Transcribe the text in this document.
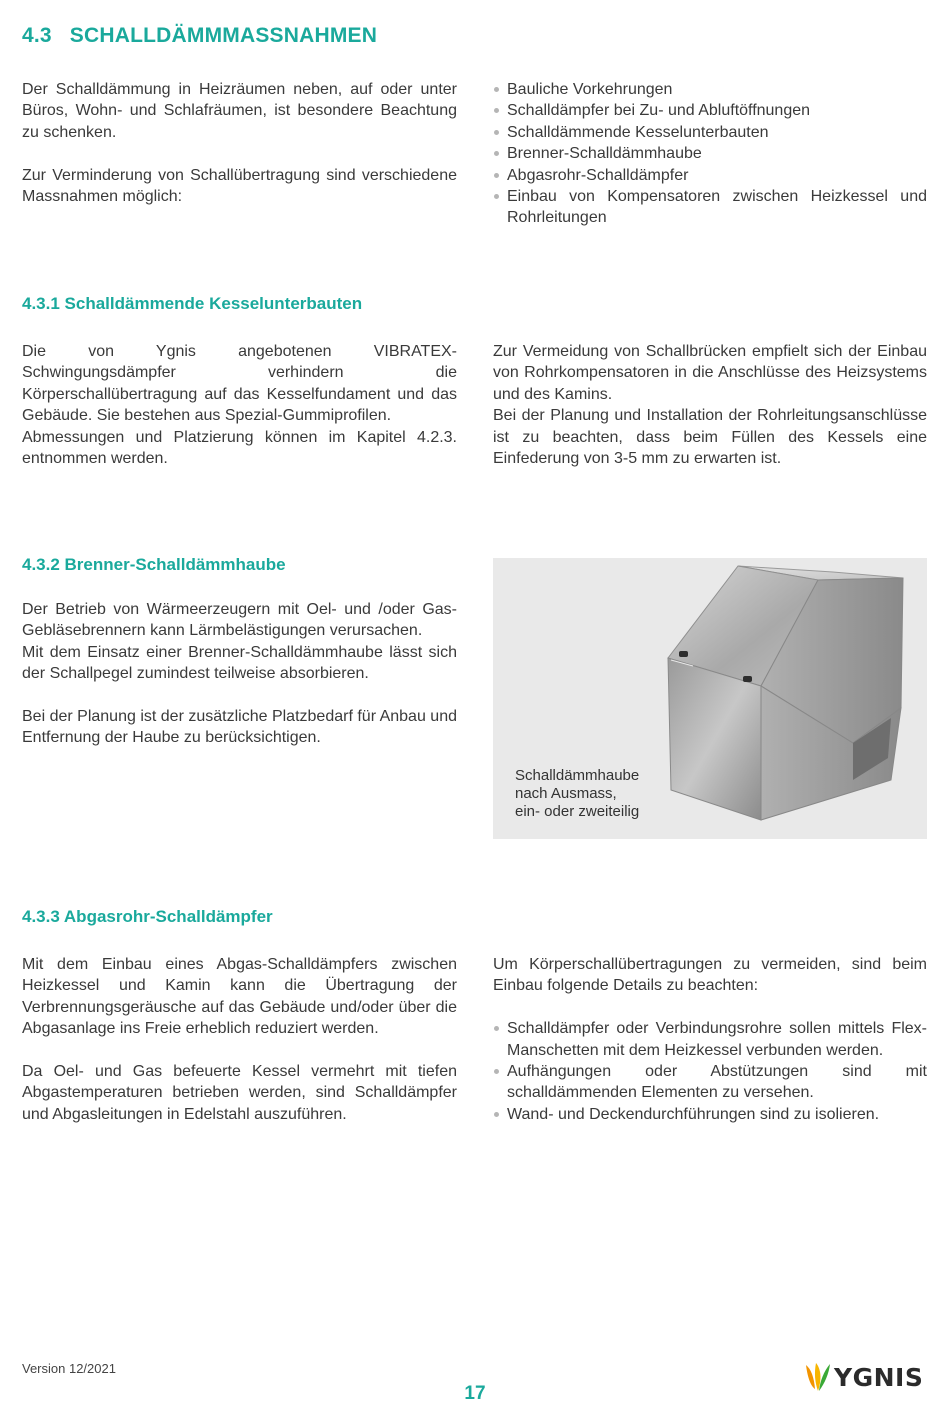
4.3 SCHALLDÄMMMASSNAHMEN

Der Schalldämmung in Heizräumen neben, auf oder unter Büros, Wohn- und Schlafräumen, ist besondere Beachtung zu schenken.

Zur Verminderung von Schallübertragung sind verschiedene Massnahmen möglich:

Bauliche Vorkehrungen
Schalldämpfer bei Zu- und Abluftöffnungen
Schalldämmende Kesselunterbauten
Brenner-Schalldämmhaube
Abgasrohr-Schalldämpfer
Einbau von Kompensatoren zwischen Heizkessel und Rohrleitungen
4.3.1 Schalldämmende Kesselunterbauten

Die von Ygnis angebotenen VIBRATEX-Schwingungsdämpfer verhindern die Körperschallübertragung auf das Kesselfundament und das Gebäude. Sie bestehen aus Spezial-Gummiprofilen.

Abmessungen und Platzierung können im Kapitel 4.2.3. entnommen werden.

Zur Vermeidung von Schallbrücken empfielt sich der Einbau von Rohrkompensatoren in die Anschlüsse des Heizsystems und des Kamins.

Bei der Planung und Installation der Rohrleitungsanschlüsse ist zu beachten, dass beim Füllen des Kessels eine Einfederung von 3-5 mm zu erwarten ist.

4.3.2 Brenner-Schalldämmhaube

Der Betrieb von Wärmeerzeugern mit Oel- und /oder Gas-Gebläsebrennern kann Lärmbelästigungen verursachen.

Mit dem Einsatz einer Brenner-Schalldämmhaube lässt sich der Schallpegel zumindest teilweise absorbieren.

Bei der Planung ist der zusätzliche Platzbedarf für Anbau und Entfernung der Haube zu berücksichtigen.

Schalldämmhaube
nach Ausmass,
ein- oder zweiteilig
4.3.3 Abgasrohr-Schalldämpfer

Mit dem Einbau eines Abgas-Schalldämpfers zwischen Heizkessel und Kamin kann die Übertragung der Verbrennungsgeräusche auf das Gebäude und/oder über die Abgasanlage ins Freie erheblich reduziert werden.

Da Oel- und Gas befeuerte Kessel vermehrt mit tiefen Abgastemperaturen betrieben werden, sind Schalldämpfer und Abgasleitungen in Edelstahl auszuführen.

Um Körperschallübertragungen zu vermeiden, sind beim Einbau folgende Details zu beachten:

Schalldämpfer oder Verbindungsrohre sollen mittels Flex-Manschetten mit dem Heizkessel verbunden werden.
Aufhängungen oder Abstützungen sind mit schalldämmenden Elementen zu versehen.
Wand- und Deckendurchführungen sind zu isolieren.
Version 12/2021
17
YGNIS
